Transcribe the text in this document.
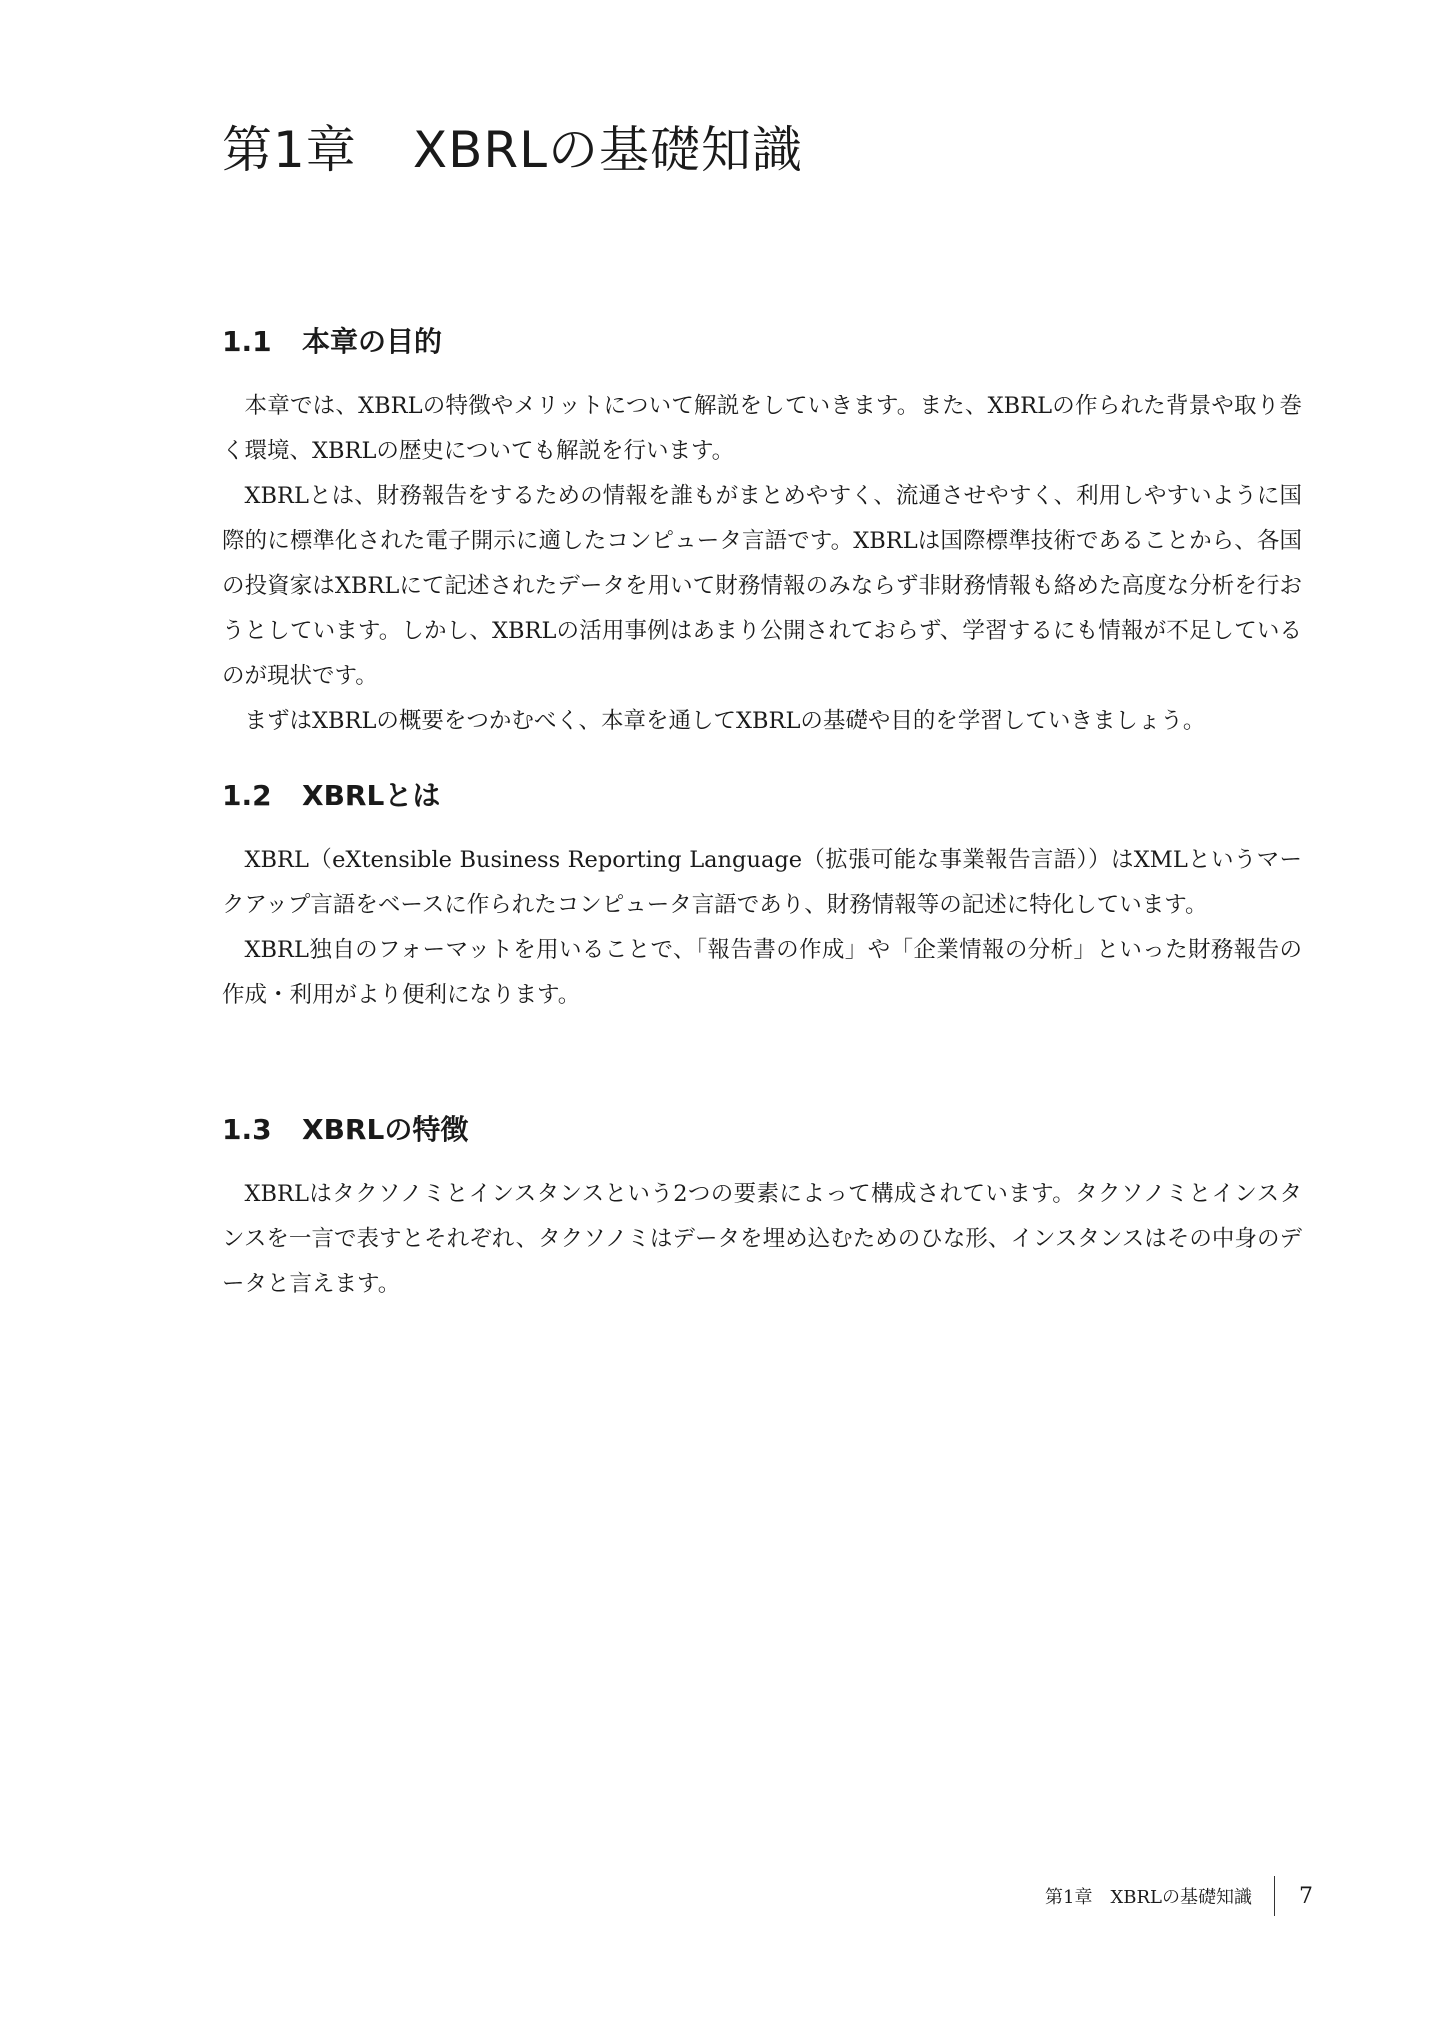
第1章 XBRLの基礎知識
1.1 本章の目的

本章では、XBRLの特徴やメリットについて解説をしていきます。また、XBRLの作られた背景や取り巻く環境、XBRLの歴史についても解説を行います。

XBRLとは、財務報告をするための情報を誰もがまとめやすく、流通させやすく、利用しやすいように国際的に標準化された電子開示に適したコンピュータ言語です。XBRLは国際標準技術であることから、各国の投資家はXBRLにて記述されたデータを用いて財務情報のみならず非財務情報も絡めた高度な分析を行おうとしています。しかし、XBRLの活用事例はあまり公開されておらず、学習するにも情報が不足しているのが現状です。

まずはXBRLの概要をつかむべく、本章を通してXBRLの基礎や目的を学習していきましょう。

1.2 XBRLとは

XBRL（eXtensible Business Reporting Language（拡張可能な事業報告言語））はXMLというマークアップ言語をベースに作られたコンピュータ言語であり、財務情報等の記述に特化しています。

XBRL独自のフォーマットを用いることで、「報告書の作成」や「企業情報の分析」といった財務報告の作成・利用がより便利になります。

1.3 XBRLの特徴

XBRLはタクソノミとインスタンスという2つの要素によって構成されています。タクソノミとインスタンスを一言で表すとそれぞれ、タクソノミはデータを埋め込むためのひな形、インスタンスはその中身のデータと言えます。

第1章　XBRLの基礎知識	7
